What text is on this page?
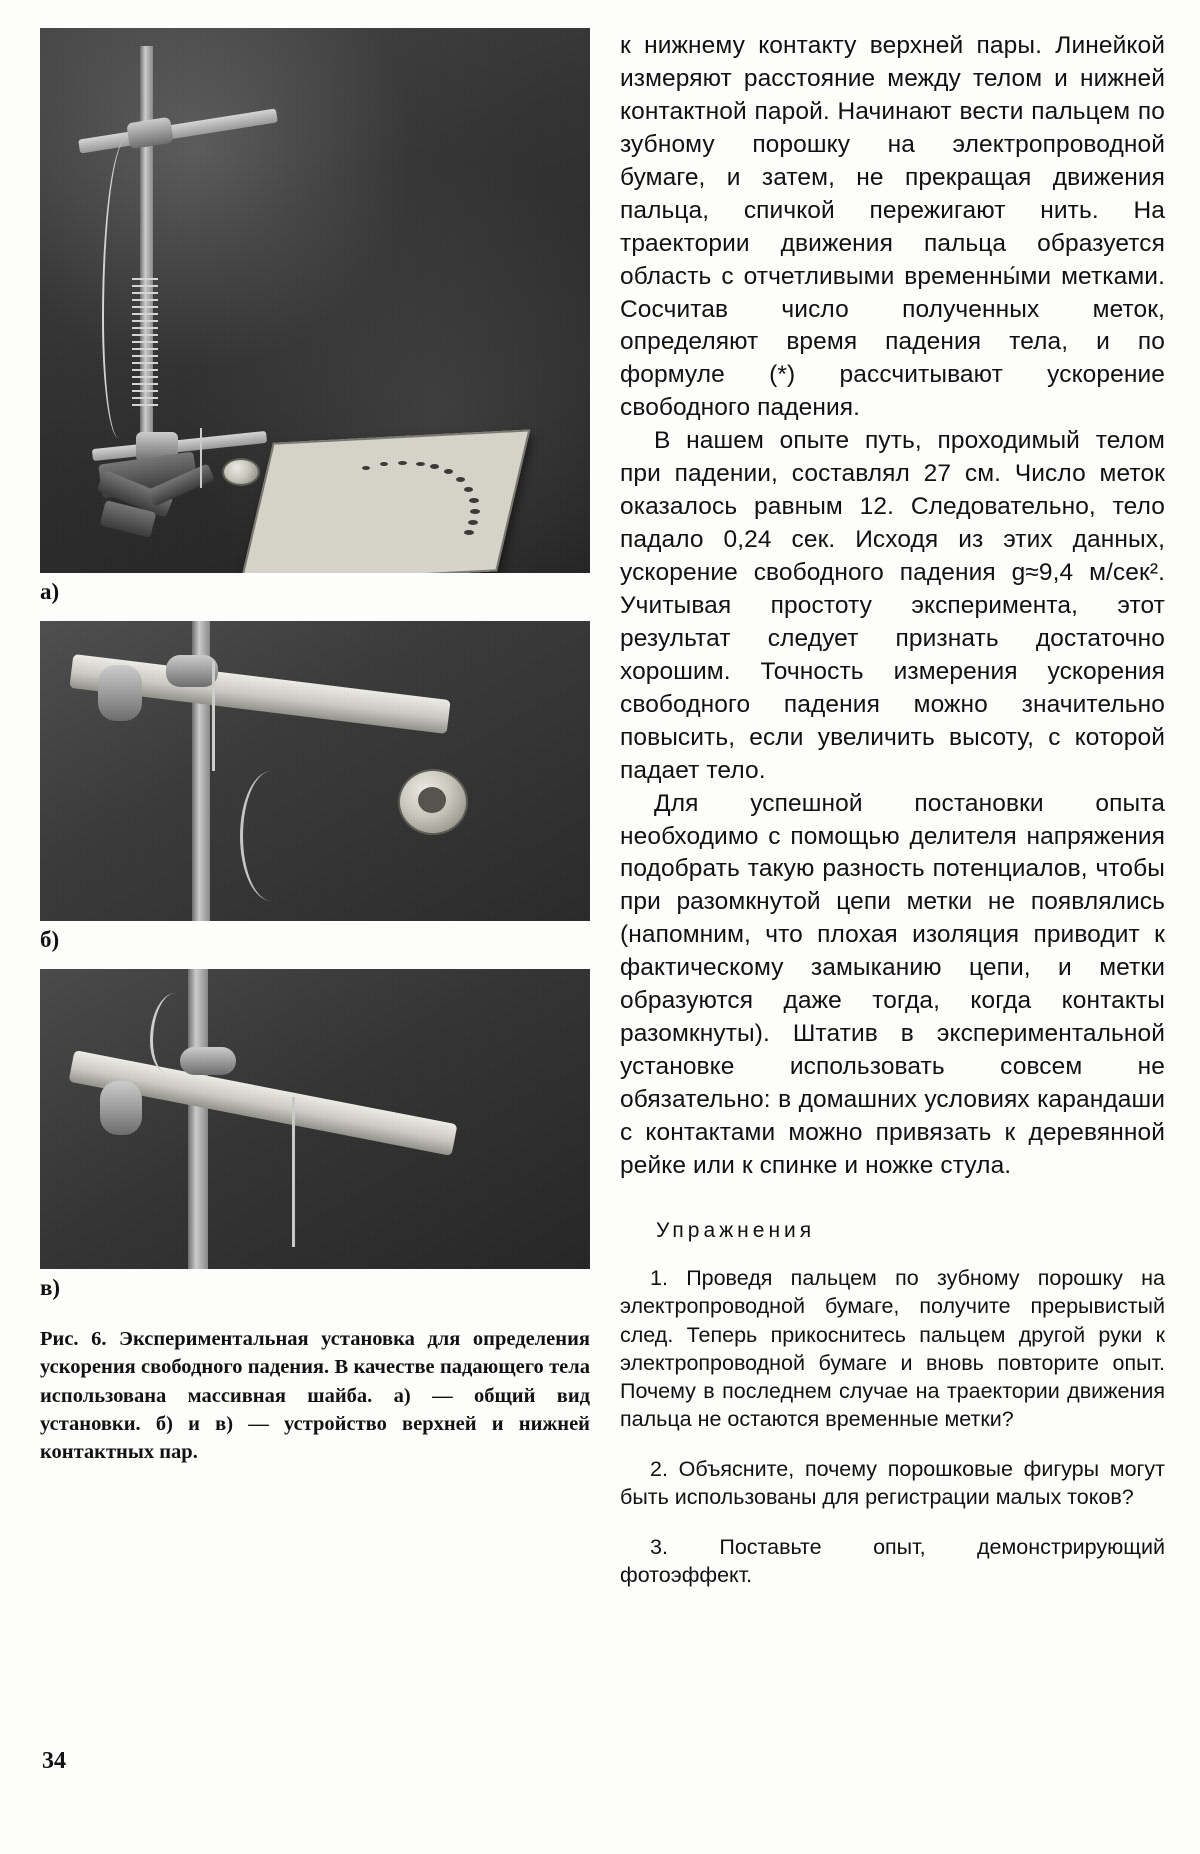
а)
б)
в)
Рис. 6. Экспериментальная установка для определения ускорения свободного падения. В качестве падающего тела использована массивная шайба. а) — общий вид установки. б) и в) — устройство верхней и нижней контактных пар.

к нижнему контакту верхней пары. Линейкой измеряют расстояние между телом и нижней контактной парой. Начинают вести пальцем по зубному порошку на электропроводной бумаге, и затем, не прекращая движения пальца, спичкой пережигают нить. На траектории движения пальца образуется область с отчетливыми временны́ми метками. Сосчитав число полученных меток, определяют время падения тела, и по формуле (*) рассчитывают ускорение свободного падения.

В нашем опыте путь, проходимый телом при падении, составлял 27 см. Число меток оказалось равным 12. Следовательно, тело падало 0,24 сек. Исходя из этих данных, ускорение свободного падения g≈9,4 м/сек². Учитывая простоту эксперимента, этот результат следует признать достаточно хорошим. Точность измерения ускорения свободного падения можно значительно повысить, если увеличить высоту, с которой падает тело.

Для успешной постановки опыта необходимо с помощью делителя напряжения подобрать такую разность потенциалов, чтобы при разомкнутой цепи метки не появлялись (напомним, что плохая изоляция приводит к фактическому замыканию цепи, и метки образуются даже тогда, когда контакты разомкнуты). Штатив в экспериментальной установке использовать совсем не обязательно: в домашних условиях карандаши с контактами можно привязать к деревянной рейке или к спинке и ножке стула.

Упражнения

1. Проведя пальцем по зубному порошку на электропроводной бумаге, получите прерывистый след. Теперь прикоснитесь пальцем другой руки к электропроводной бумаге и вновь повторите опыт. Почему в последнем случае на траектории движения пальца не остаются временные метки?

2. Объясните, почему порошковые фигуры могут быть использованы для регистрации малых токов?

3. Поставьте опыт, демонстрирующий фотоэффект.

34
